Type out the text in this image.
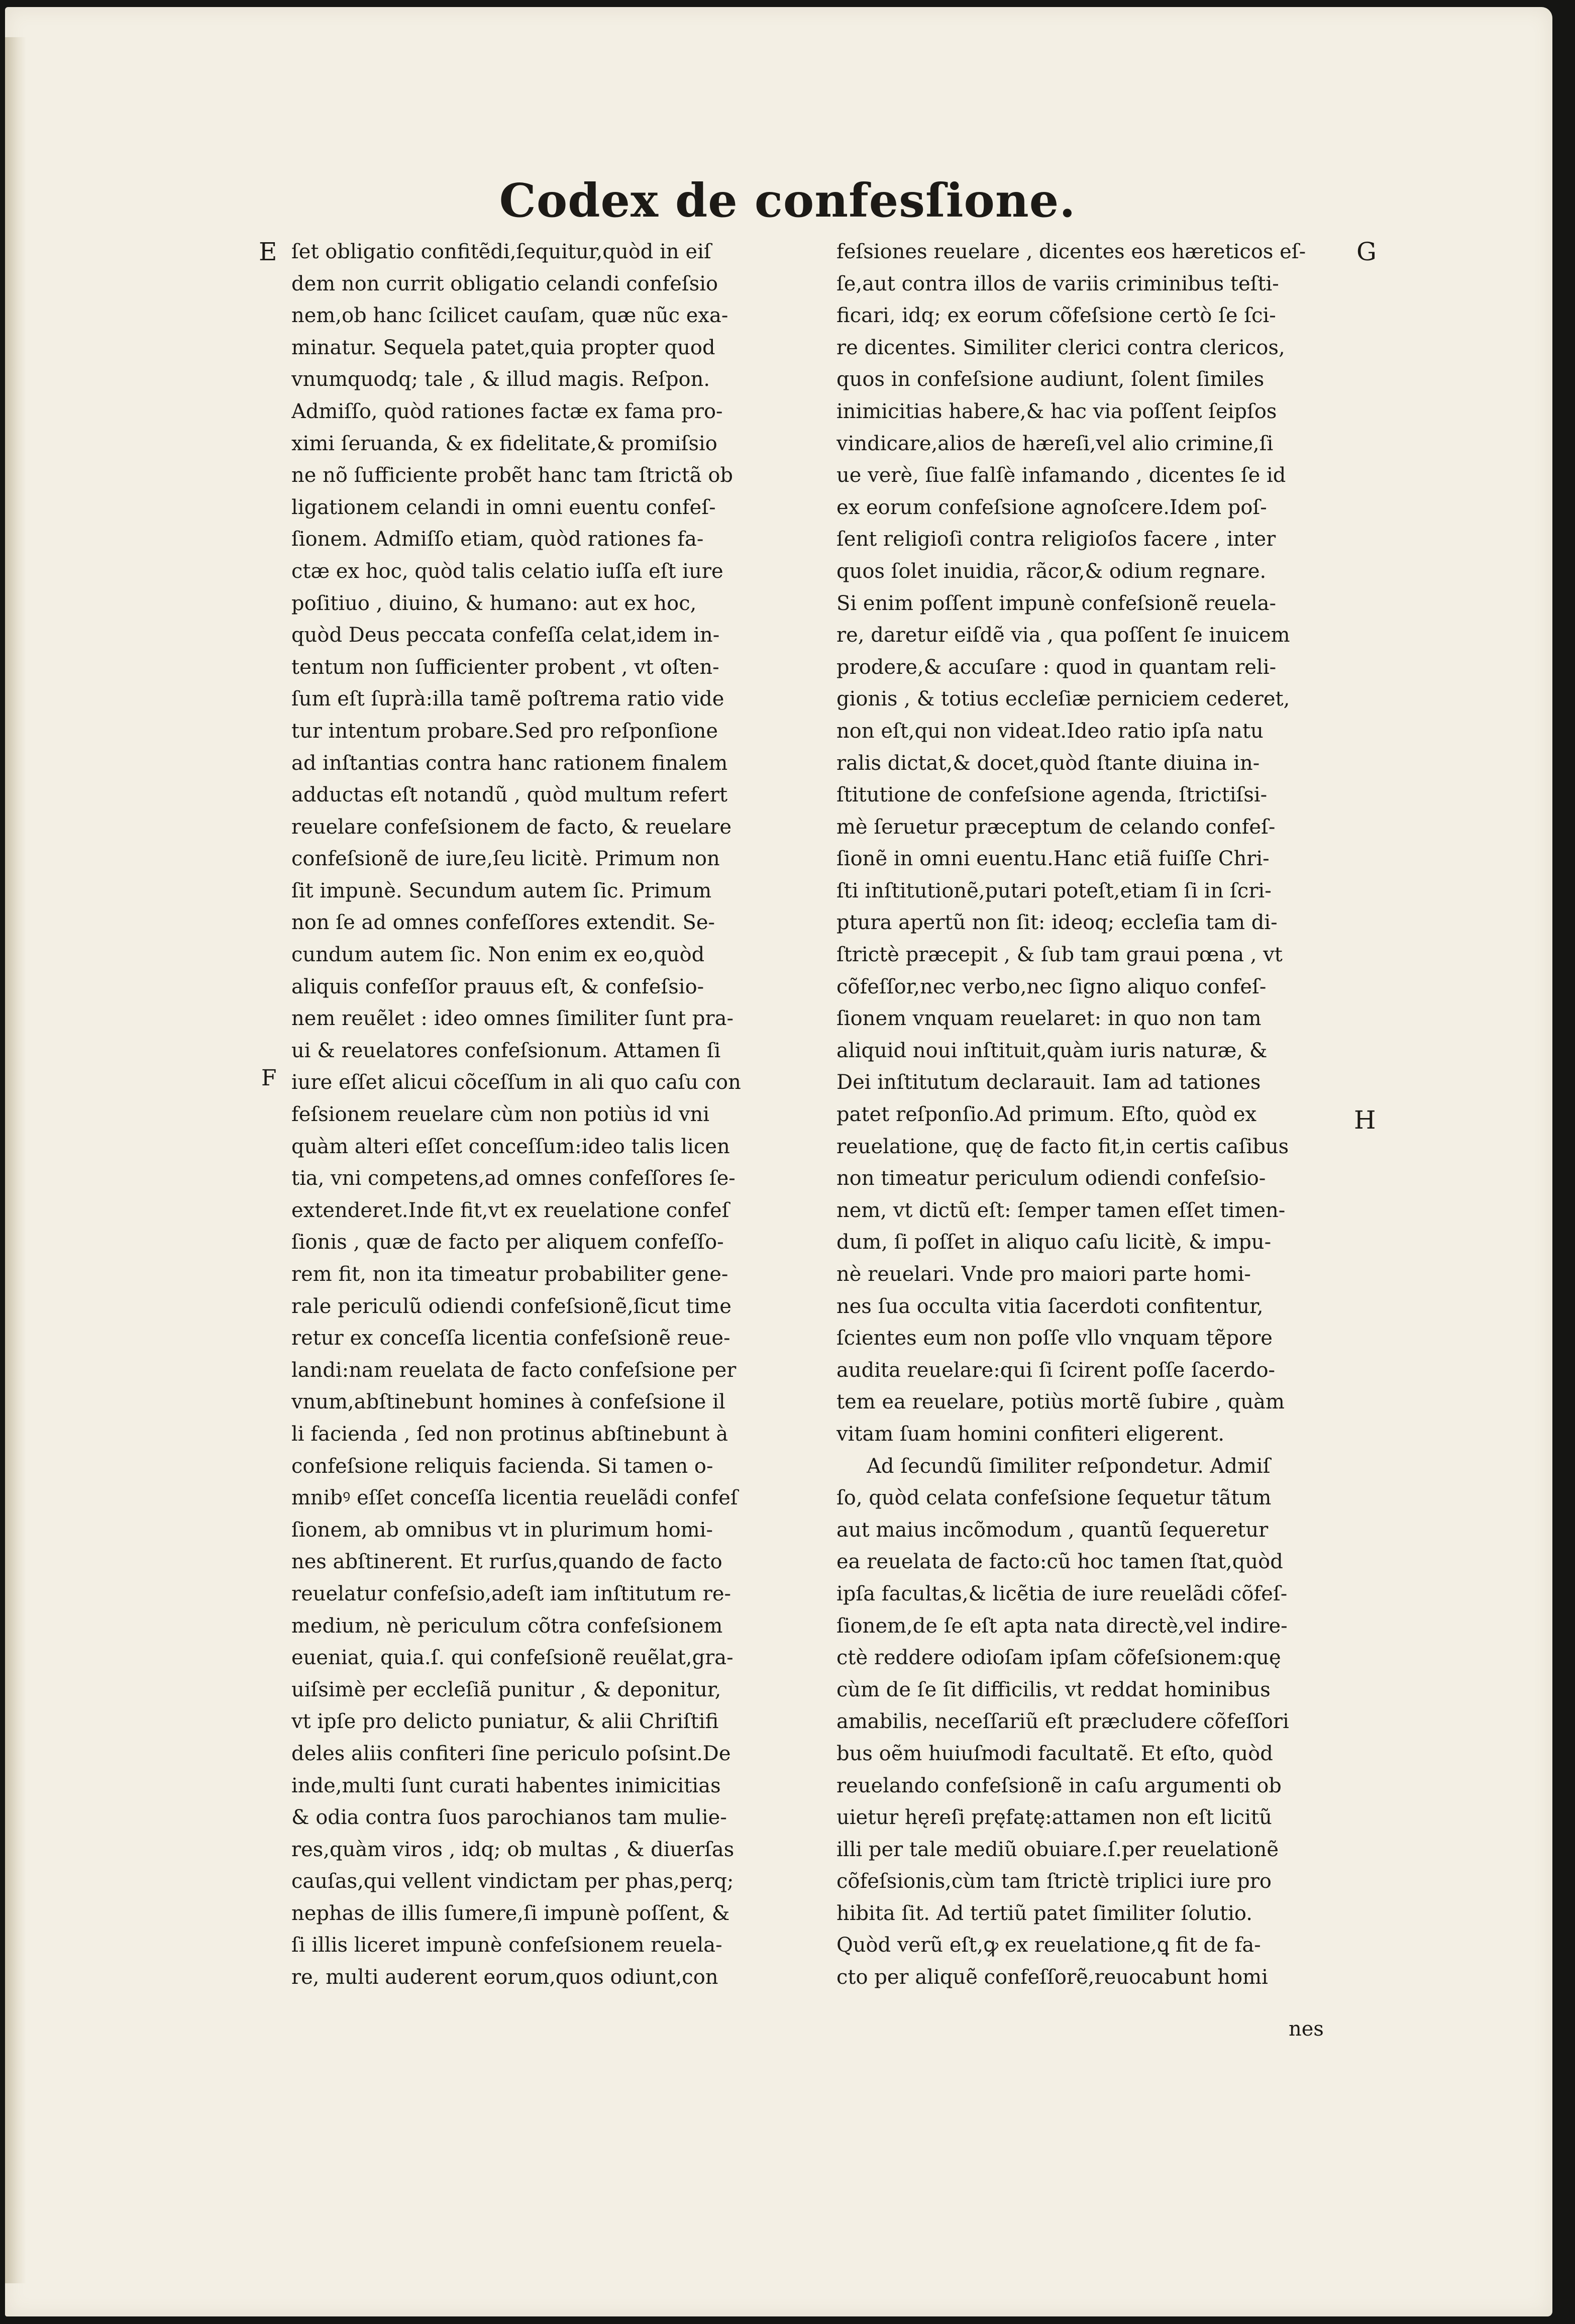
Codex de confesſione.
ſet obligatio confitẽdi,ſequitur,quòd in eiſ
dem non currit obligatio celandi confeſsio
nem,ob hanc ſcilicet cauſam, quæ nũc exa-
minatur. Sequela patet,quia propter quod
vnumquodq; tale , & illud magis. Reſpon.
Admiſſo, quòd rationes factæ ex fama pro-
ximi ſeruanda, & ex fidelitate,& promiſsio
ne nõ ſufficiente probẽt hanc tam ſtrictã ob
ligationem celandi in omni euentu confeſ-
ſionem. Admiſſo etiam, quòd rationes fa-
ctæ ex hoc, quòd talis celatio iuſſa eſt iure
poſitiuo , diuino, & humano: aut ex hoc,
quòd Deus peccata confeſſa celat,idem in-
tentum non ſufficienter probent , vt oſten-
ſum eſt ſuprà:illa tamẽ poſtrema ratio vide
tur intentum probare.Sed pro reſponſione
ad inſtantias contra hanc rationem finalem
adductas eſt notandũ , quòd multum refert
reuelare confeſsionem de facto, & reuelare
confeſsionẽ de iure,ſeu licitè. Primum non
ſit impunè. Secundum autem ſic. Primum
non ſe ad omnes confeſſores extendit. Se-
cundum autem ſic. Non enim ex eo,quòd
aliquis confeſſor prauus eſt, & confeſsio-
nem reuẽlet : ideo omnes ſimiliter ſunt pra-
ui & reuelatores confeſsionum. Attamen ſi
iure eſſet alicui cõceſſum in ali quo caſu con
feſsionem reuelare cùm non potiùs id vni
quàm alteri eſſet conceſſum:ideo talis licen
tia, vni competens,ad omnes confeſſores ſe-
extenderet.Inde fit,vt ex reuelatione confeſ
ſionis , quæ de facto per aliquem confeſſo-
rem fit, non ita timeatur probabiliter gene-
rale periculũ odiendi confeſsionẽ,ſicut time
retur ex conceſſa licentia confeſsionẽ reue-
landi:nam reuelata de facto confeſsione per
vnum,abſtinebunt homines à confeſsione il
li facienda , ſed non protinus abſtinebunt à
confeſsione reliquis facienda. Si tamen o-
mnibꝰ eſſet conceſſa licentia reuelãdi confeſ
ſionem, ab omnibus vt in plurimum homi-
nes abſtinerent. Et rurſus,quando de facto
reuelatur confeſsio,adeſt iam inſtitutum re-
medium, nè periculum cõtra confeſsionem
eueniat, quia.ſ. qui confeſsionẽ reuẽlat,gra-
uiſsimè per eccleſiã punitur , & deponitur,
vt ipſe pro delicto puniatur, & alii Chriſtifi
deles aliis confiteri ſine periculo poſsint.De
inde,multi ſunt curati habentes inimicitias
& odia contra ſuos parochianos tam mulie-
res,quàm viros , idq; ob multas , & diuerſas
cauſas,qui vellent vindictam per phas,perq;
nephas de illis ſumere,ſi impunè poſſent, &
ſi illis liceret impunè confeſsionem reuela-
re, multi auderent eorum,quos odiunt,con
feſsiones reuelare , dicentes eos hæreticos eſ-
ſe,aut contra illos de variis criminibus teſti-
ficari, idq; ex eorum cõfeſsione certò ſe ſci-
re dicentes. Similiter clerici contra clericos,
quos in confeſsione audiunt, ſolent ſimiles
inimicitias habere,& hac via poſſent ſeipſos
vindicare,alios de hæreſi,vel alio crimine,ſi
ue verè, ſiue falſè infamando , dicentes ſe id
ex eorum confeſsione agnoſcere.Idem poſ-
ſent religioſi contra religioſos facere , inter
quos ſolet inuidia, rãcor,& odium regnare.
Si enim poſſent impunè confeſsionẽ reuela-
re, daretur eiſdẽ via , qua poſſent ſe inuicem
prodere,& accuſare : quod in quantam reli-
gionis , & totius eccleſiæ perniciem cederet,
non eſt,qui non videat.Ideo ratio ipſa natu
ralis dictat,& docet,quòd ſtante diuina in-
ſtitutione de confeſsione agenda, ſtrictiſsi-
mè ſeruetur præceptum de celando confeſ-
ſionẽ in omni euentu.Hanc etiã fuiſſe Chri-
ſti inſtitutionẽ,putari poteſt,etiam ſi in ſcri-
ptura apertũ non ſit: ideoq; eccleſia tam di-
ſtrictè præcepit , & ſub tam graui pœna , vt
cõfeſſor,nec verbo,nec ſigno aliquo confeſ-
ſionem vnquam reuelaret: in quo non tam
aliquid noui inſtituit,quàm iuris naturæ, &
Dei inſtitutum declarauit. Iam ad tationes
patet reſponſio.Ad primum. Eſto, quòd ex
reuelatione, quę de facto fit,in certis caſibus
non timeatur periculum odiendi confeſsio-
nem, vt dictũ eſt: ſemper tamen eſſet timen-
dum, ſi poſſet in aliquo caſu licitè, & impu-
nè reuelari. Vnde pro maiori parte homi-
nes ſua occulta vitia ſacerdoti confitentur,
ſcientes eum non poſſe vllo vnquam tẽpore
audita reuelare:qui ſi ſcirent poſſe ſacerdo-
tem ea reuelare, potiùs mortẽ ſubire , quàm
vitam ſuam homini confiteri eligerent.
Ad ſecundũ ſimiliter reſpondetur. Admiſ
ſo, quòd celata confeſsione ſequetur tãtum
aut maius incõmodum , quantũ ſequeretur
ea reuelata de facto:cũ hoc tamen ſtat,quòd
ipſa facultas,& licẽtia de iure reuelãdi cõfeſ-
ſionem,de ſe eſt apta nata directè,vel indire-
ctè reddere odioſam ipſam cõfeſsionem:quę
cùm de ſe ſit difficilis, vt reddat hominibus
amabilis, neceſſariũ eſt præcludere cõfeſſori
bus oẽm huiuſmodi facultatẽ. Et eſto, quòd
reuelando confeſsionẽ in caſu argumenti ob
uietur hęreſi pręfatę:attamen non eſt licitũ
illi per tale mediũ obuiare.ſ.per reuelationẽ
cõfeſsionis,cùm tam ſtrictè triplici iure pro
hibita ſit. Ad tertiũ patet ſimiliter ſolutio.
Quòd verũ eſt,ꝙ ex reuelatione,ꝗ fit de fa-
cto per aliquẽ confeſſorẽ,reuocabunt homi
E
F
G
H
nes
